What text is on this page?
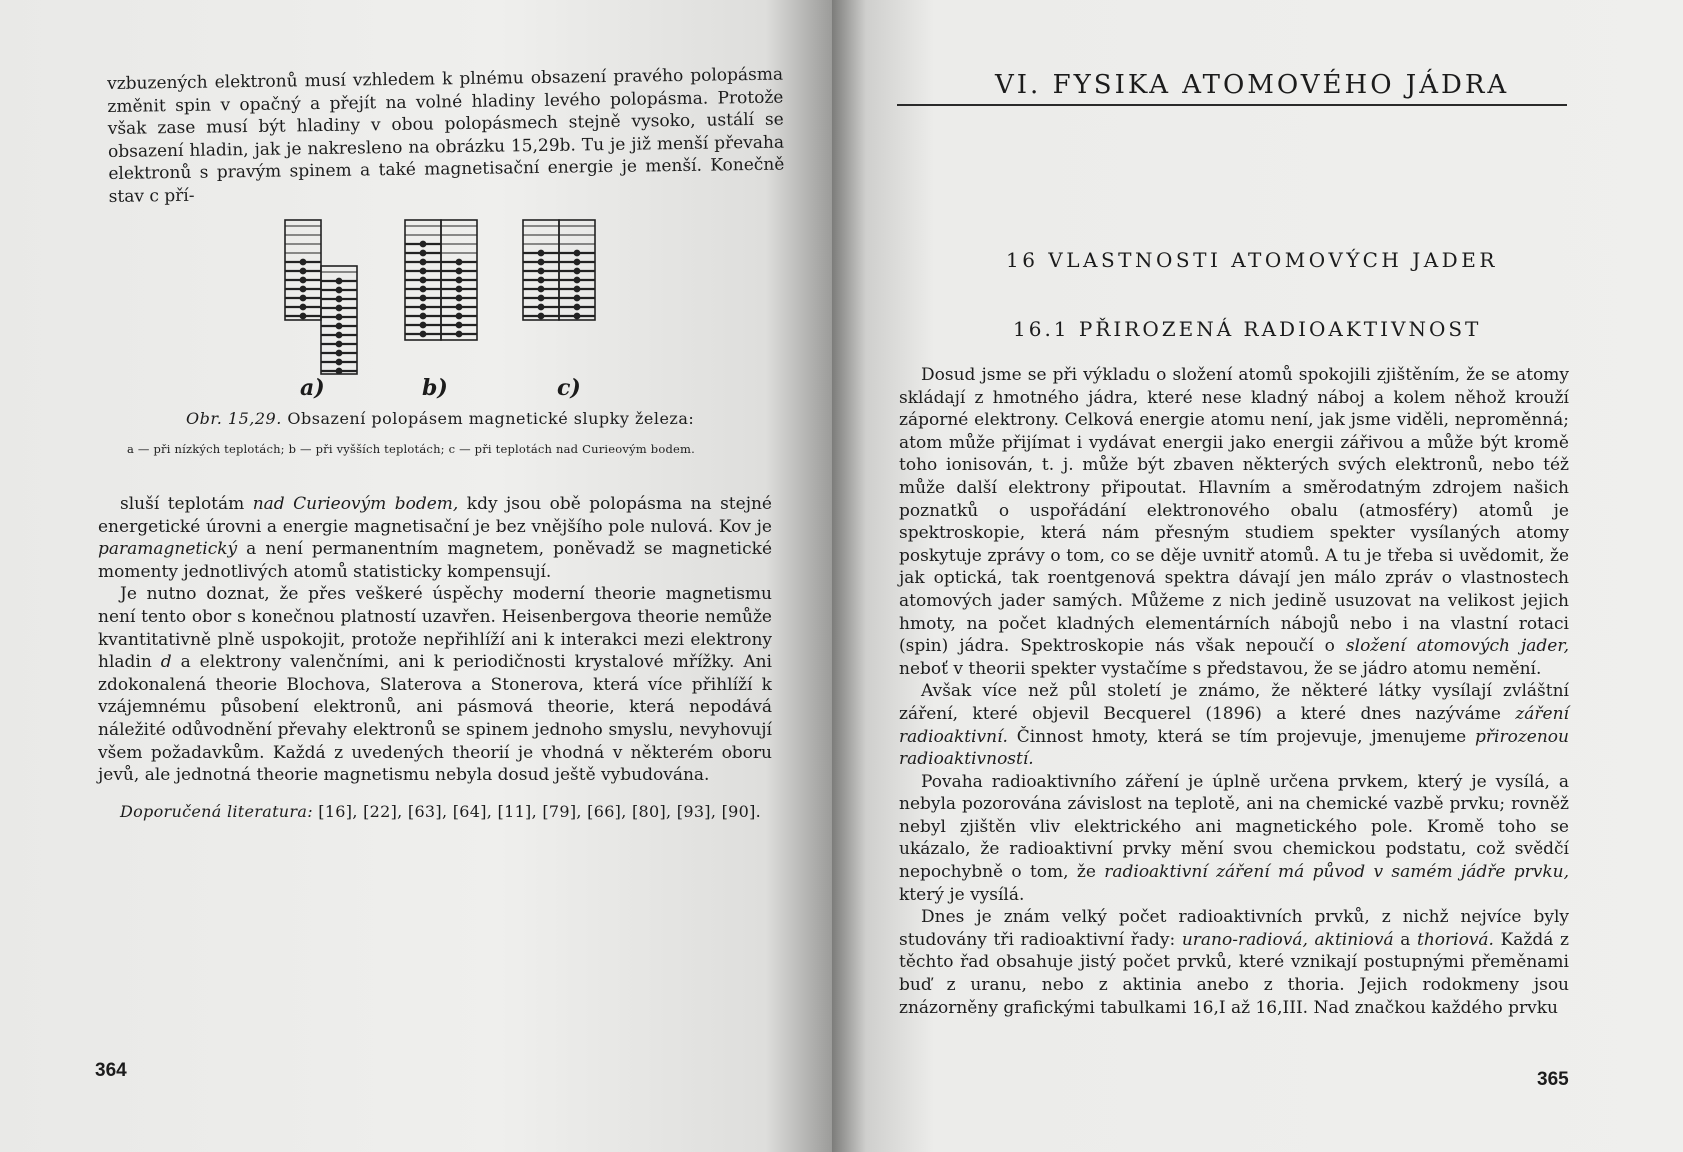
vzbuzených elektronů musí vzhledem k plnému obsazení pravého polopásma změnit spin v opačný a přejít na volné hladiny levého polopásma. Protože však zase musí být hladiny v obou polopásmech stejně vysoko, ustálí se obsazení hladin, jak je nakresleno na obrázku 15,29b. Tu je již menší převaha elektronů s pravým spinem a také magnetisační energie je menší. Konečně stav c pří-

a)	b)	c)
Obr. 15,29. Obsazení polopásem magnetické slupky železa:
a — při nízkých teplotách; b — při vyšších teplotách; c — při teplotách nad Curieovým bodem.

sluší teplotám nad Curieovým bodem, kdy jsou obě polopásma na stejné energetické úrovni a energie magnetisační je bez vnějšího pole nulová. Kov je paramagnetický a není permanentním magnetem, poněvadž se magnetické momenty jednotlivých atomů statisticky kompensují.

Je nutno doznat, že přes veškeré úspěchy moderní theorie magnetismu není tento obor s konečnou platností uzavřen. Heisenbergova theorie nemůže kvantitativně plně uspokojit, protože nepřihlíží ani k interakci mezi elektrony hladin d a elektrony valenčními, ani k periodičnosti krystalové mřížky. Ani zdokonalená theorie Blochova, Slaterova a Stonerova, která více přihlíží k vzájemnému působení elektronů, ani pásmová theorie, která nepodává náležité odůvodnění převahy elektronů se spinem jednoho smyslu, nevyhovují všem požadavkům. Každá z uvedených theorií je vhodná v některém oboru jevů, ale jednotná theorie magnetismu nebyla dosud ještě vybudována.

Doporučená literatura: [16], [22], [63], [64], [11], [79], [66], [80], [93], [90].
364
VI. FYSIKA ATOMOVÉHO JÁDRA
16 VLASTNOSTI ATOMOVÝCH JADER
16.1 PŘIROZENÁ RADIOAKTIVNOST

Dosud jsme se při výkladu o složení atomů spokojili zjištěním, že se atomy skládají z hmotného jádra, které nese kladný náboj a kolem něhož krouží záporné elektrony. Celková energie atomu není, jak jsme viděli, neproměnná; atom může přijímat i vydávat energii jako energii zářivou a může být kromě toho ionisován, t. j. může být zbaven některých svých elektronů, nebo též může další elektrony připoutat. Hlavním a směrodatným zdrojem našich poznatků o uspořádání elektronového obalu (atmosféry) atomů je spektroskopie, která nám přesným studiem spekter vysílaných atomy poskytuje zprávy o tom, co se děje uvnitř atomů. A tu je třeba si uvědomit, že jak optická, tak roentgenová spektra dávají jen málo zpráv o vlastnostech atomových jader samých. Můžeme z nich jedině usuzovat na velikost jejich hmoty, na počet kladných elementárních nábojů nebo i na vlastní rotaci (spin) jádra. Spektroskopie nás však nepoučí o složení atomových jader, neboť v theorii spekter vystačíme s představou, že se jádro atomu nemění.

Avšak více než půl století je známo, že některé látky vysílají zvláštní záření, které objevil Becquerel (1896) a které dnes nazýváme záření radioaktivní. Činnost hmoty, která se tím projevuje, jmenujeme přirozenou radioaktivností.

Povaha radioaktivního záření je úplně určena prvkem, který je vysílá, a nebyla pozorována závislost na teplotě, ani na chemické vazbě prvku; rovněž nebyl zjištěn vliv elektrického ani magnetického pole. Kromě toho se ukázalo, že radioaktivní prvky mění svou chemickou podstatu, což svědčí nepochybně o tom, že radioaktivní záření má původ v samém jádře prvku, který je vysílá.

Dnes je znám velký počet radioaktivních prvků, z nichž nejvíce byly studovány tři radioaktivní řady: urano-radiová, aktiniová a thoriová. Každá z těchto řad obsahuje jistý počet prvků, které vznikají postupnými přeměnami buď z uranu, nebo z aktinia anebo z thoria. Jejich rodokmeny jsou znázorněny grafickými tabulkami 16,I až 16,III. Nad značkou každého prvku

365
